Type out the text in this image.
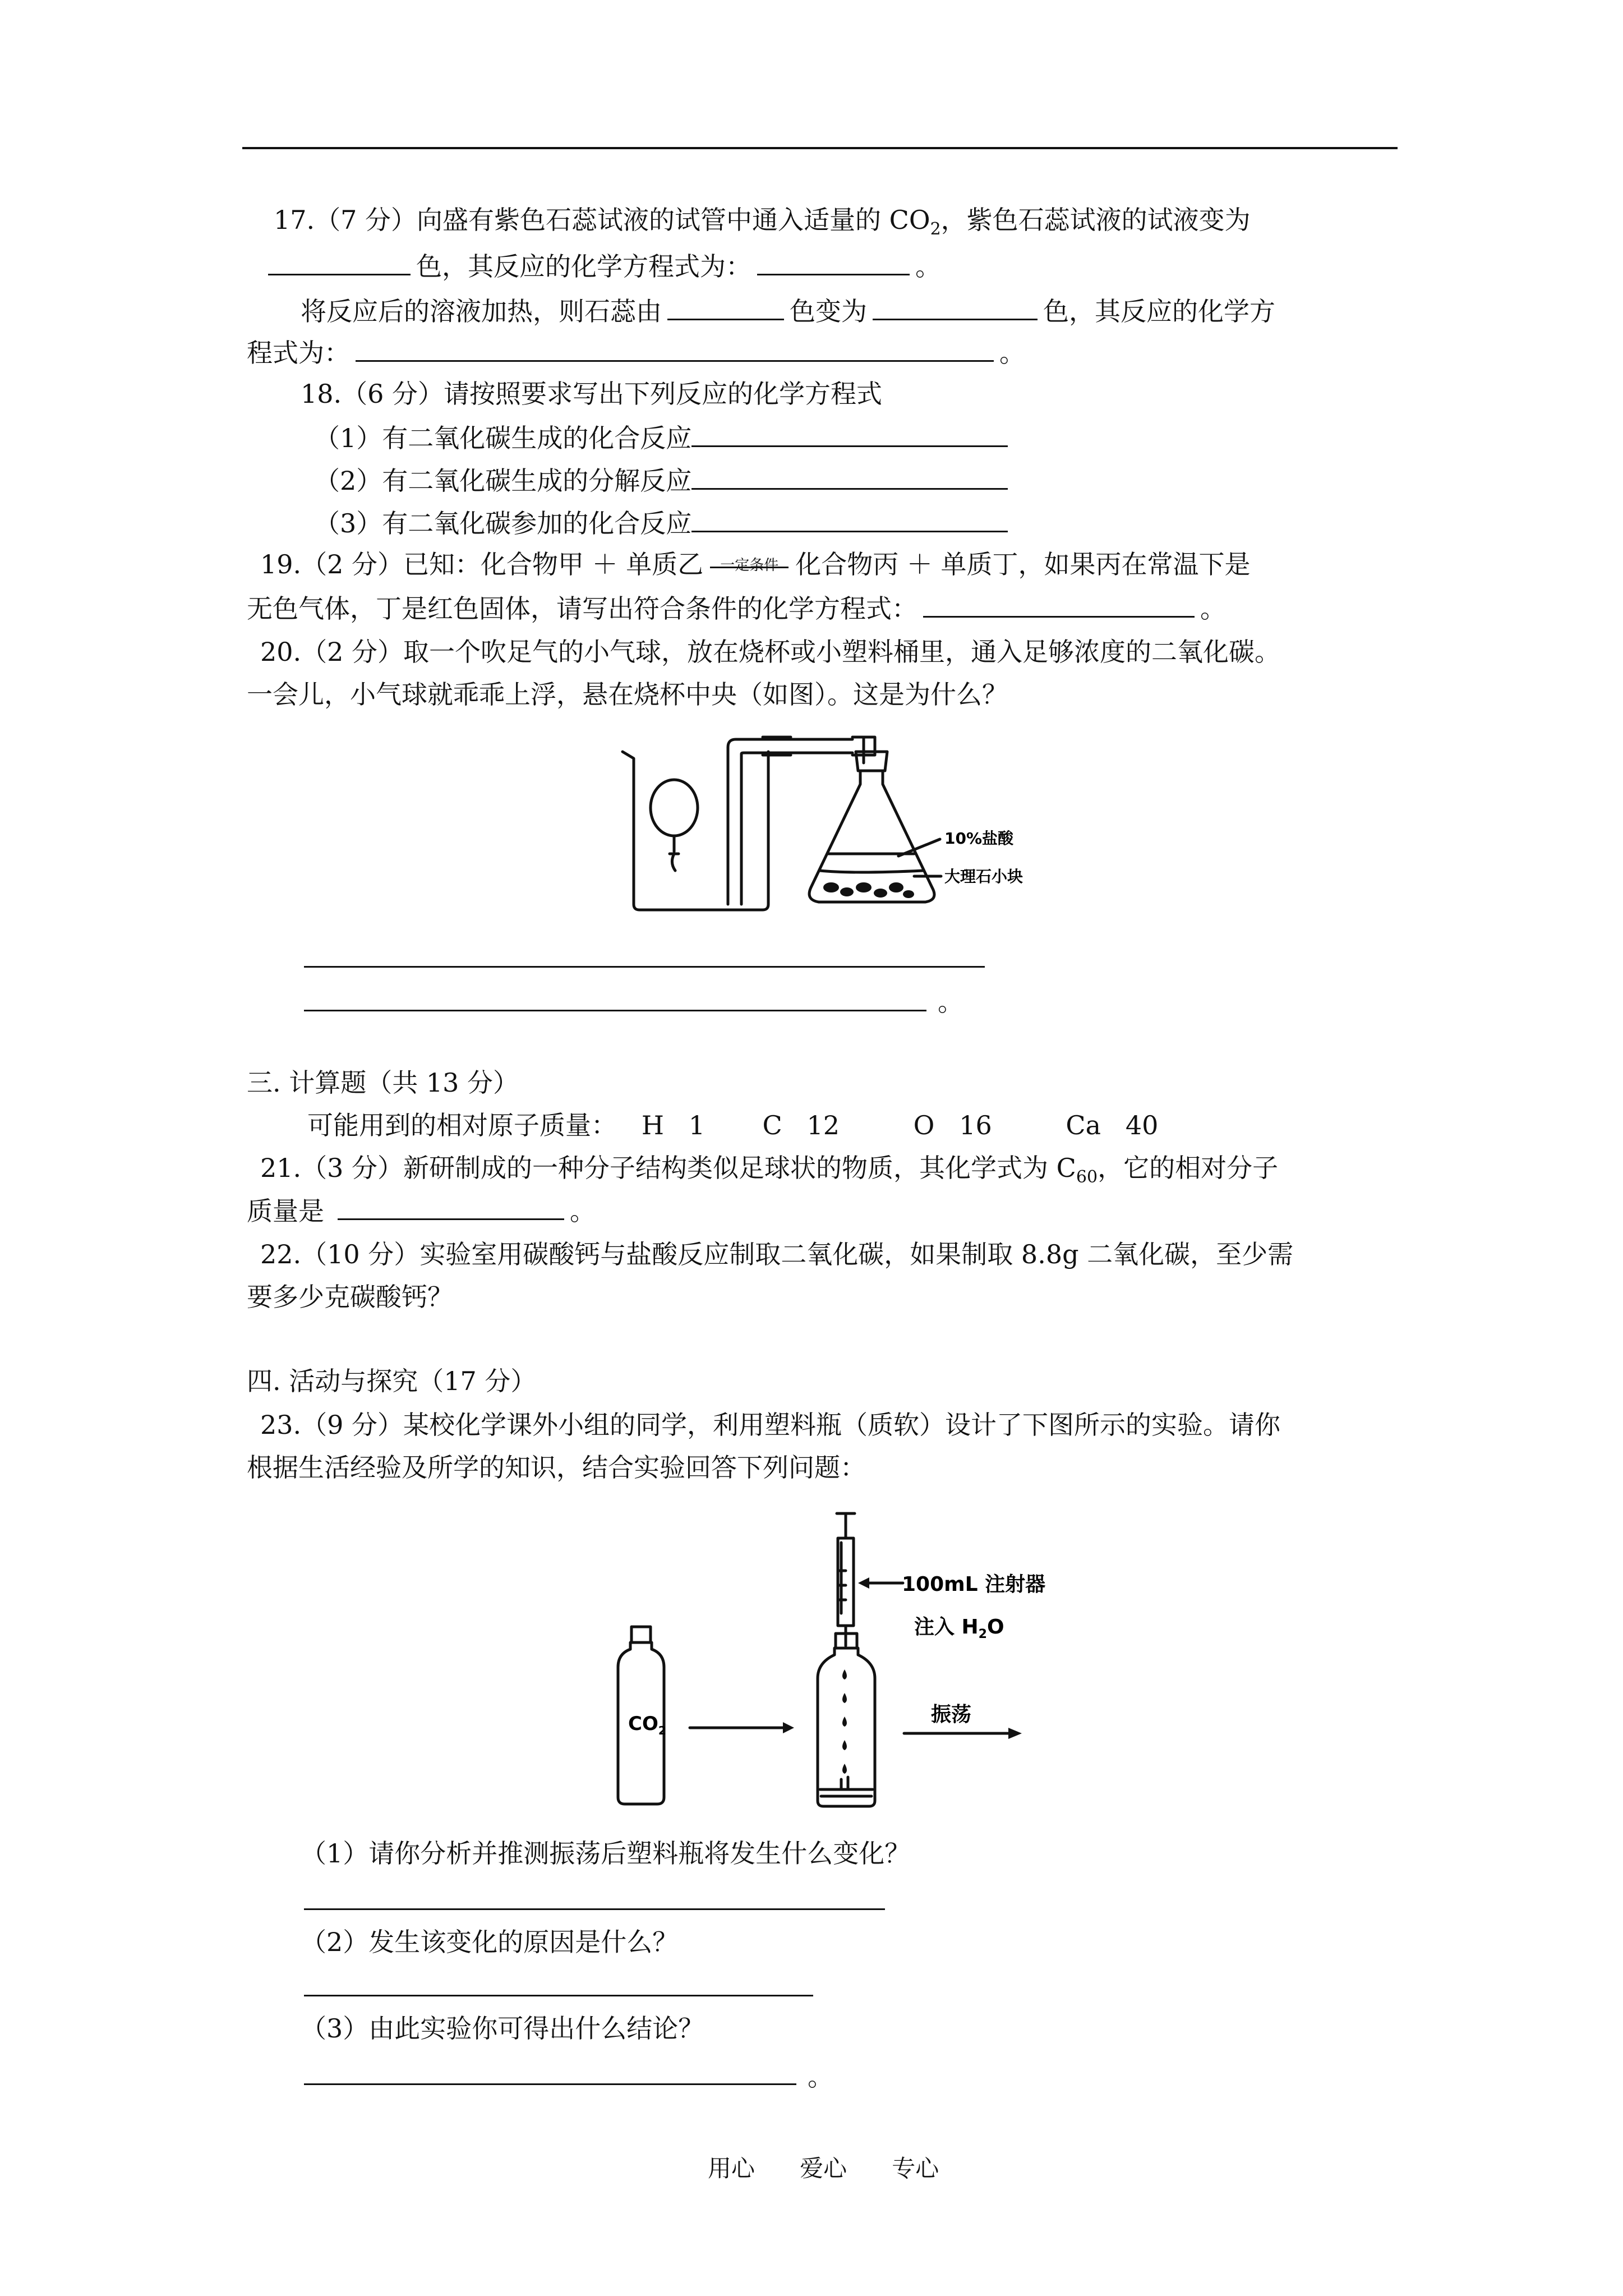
17.（7 分）向盛有紫色石蕊试液的试管中通入适量的 $CO_2$，紫色石蕊试液的试液变为
色，其反应的化学方程式为：	。
将反应后的溶液加热，则石蕊由	色变为	色，其反应的化学方
程式为：	。
18.（6 分）请按照要求写出下列反应的化学方程式
（1）有二氧化碳生成的化合反应
（2）有二氧化碳生成的分解反应
（3）有二氧化碳参加的化合反应
19.（2 分）已知：化合物甲 ＋ 单质乙	一定条件 化合物丙 ＋ 单质丁，如果丙在常温下是
无色气体，丁是红色固体，请写出符合条件的化学方程式：	。
20.（2 分）取一个吹足气的小气球，放在烧杯或小塑料桶里，通入足够浓度的二氧化碳。
一会儿，小气球就乖乖上浮，悬在烧杯中央（如图）。这是为什么？
10%盐酸
大理石小块
。
三. 计算题（共 13 分）
可能用到的相对原子质量：   H   1       C   12         O   16         Ca   40
21.（3 分）新研制成的一种分子结构类似足球状的物质，其化学式为 $C_{60}$，它的相对分子
质量是	。
22.（10 分）实验室用碳酸钙与盐酸反应制取二氧化碳，如果制取 8.8g 二氧化碳，至少需
要多少克碳酸钙？
四. 活动与探究（17 分）
23.（9 分）某校化学课外小组的同学，利用塑料瓶（质软）设计了下图所示的实验。请你
根据生活经验及所学的知识，结合实验回答下列问题：
100mL 注射器
注入 $H_2O$
$CO_2$
振荡
（1）请你分析并推测振荡后塑料瓶将发生什么变化？
（2）发生该变化的原因是什么？
（3）由此实验你可得出什么结论？
。
用心      爱心      专心
